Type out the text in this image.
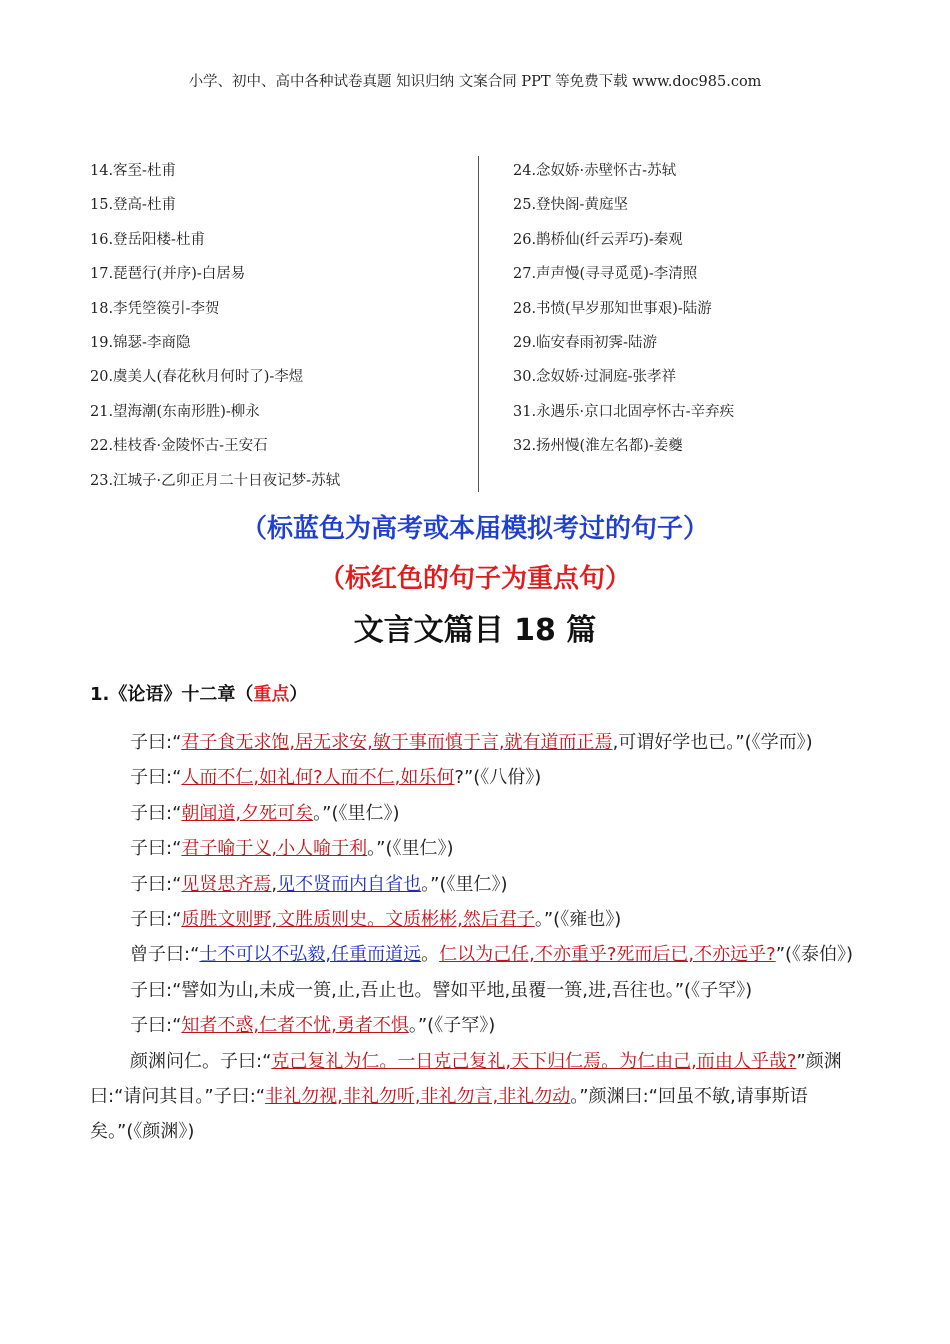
小学、初中、高中各种试卷真题 知识归纳 文案合同 PPT 等免费下载 www.doc985.com
14.客至-杜甫
15.登高-杜甫
16.登岳阳楼-杜甫
17.琵琶行(并序)-白居易
18.李凭箜篌引-李贺
19.锦瑟-李商隐
20.虞美人(春花秋月何时了)-李煜
21.望海潮(东南形胜)-柳永
22.桂枝香·金陵怀古-王安石
23.江城子·乙卯正月二十日夜记梦-苏轼
24.念奴娇·赤壁怀古-苏轼
25.登快阁-黄庭坚
26.鹊桥仙(纤云弄巧)-秦观
27.声声慢(寻寻觅觅)-李清照
28.书愤(早岁那知世事艰)-陆游
29.临安春雨初霁-陆游
30.念奴娇·过洞庭-张孝祥
31.永遇乐·京口北固亭怀古-辛弃疾
32.扬州慢(淮左名都)-姜夔
（标蓝色为高考或本届模拟考过的句子）
（标红色的句子为重点句）
文言文篇目 18 篇
1.《论语》十二章（重点）

子曰:“君子食无求饱,居无求安,敏于事而慎于言,就有道而正焉,可谓好学也已。”(《学而》)

子曰:“人而不仁,如礼何?人而不仁,如乐何?”(《八佾》)

子曰:“朝闻道,夕死可矣。”(《里仁》)

子曰:“君子喻于义,小人喻于利。”(《里仁》)

子曰:“见贤思齐焉,见不贤而内自省也。”(《里仁》)

子曰:“质胜文则野,文胜质则史。文质彬彬,然后君子。”(《雍也》)

曾子曰:“士不可以不弘毅,任重而道远。仁以为己任,不亦重乎?死而后已,不亦远乎?”(《泰伯》)

子曰:“譬如为山,未成一篑,止,吾止也。譬如平地,虽覆一篑,进,吾往也。”(《子罕》)

子曰:“知者不惑,仁者不忧,勇者不惧。”(《子罕》)

颜渊问仁。子曰:“克己复礼为仁。一日克己复礼,天下归仁焉。为仁由己,而由人乎哉?”颜渊曰:“请问其目。”子曰:“非礼勿视,非礼勿听,非礼勿言,非礼勿动。”颜渊曰:“回虽不敏,请事斯语矣。”(《颜渊》)
